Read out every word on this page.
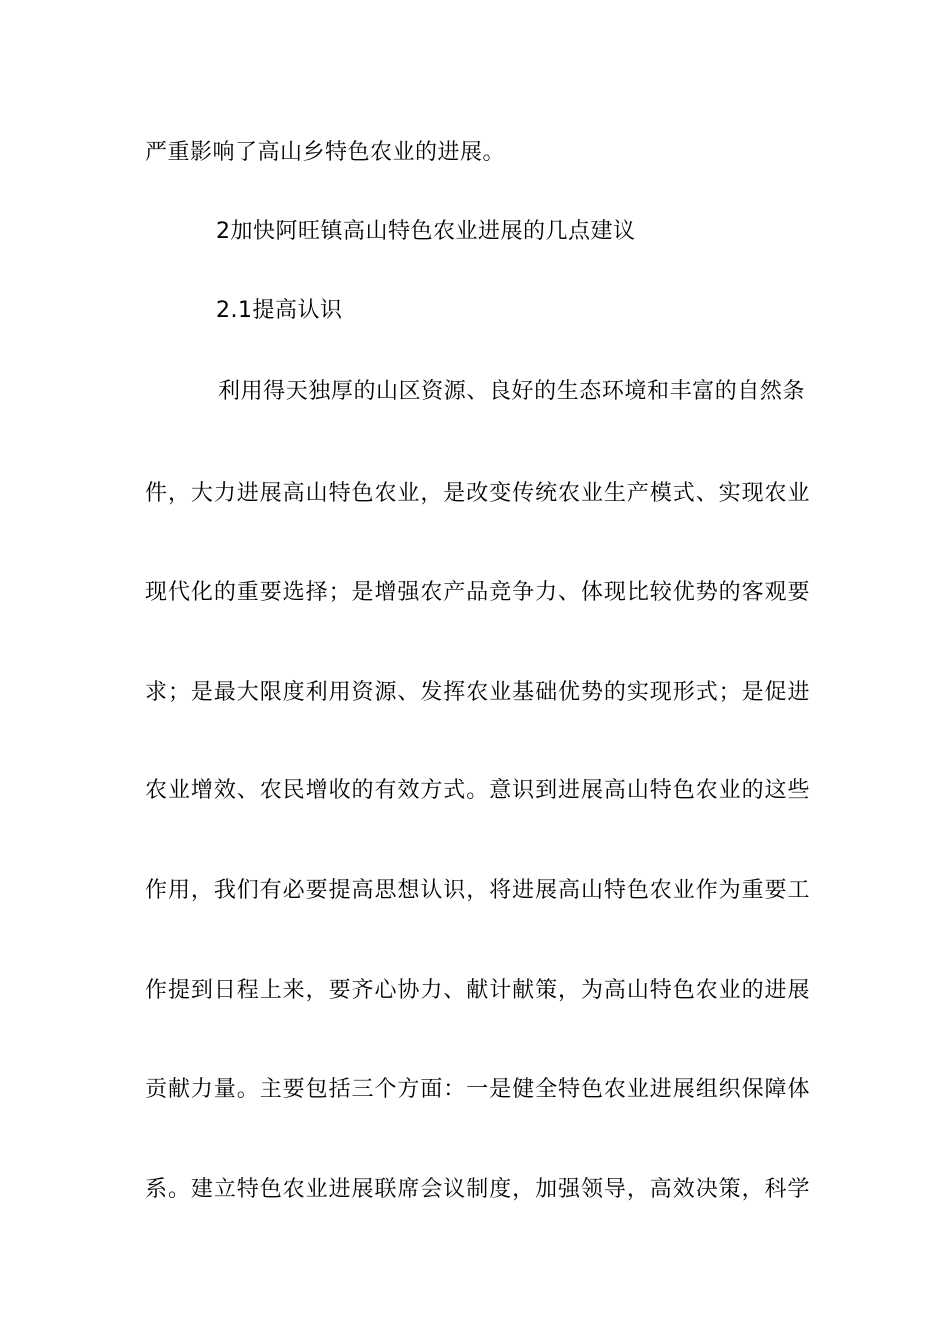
严重影响了高山乡特色农业的进展。
2加快阿旺镇高山特色农业进展的几点建议
2.1提高认识
利用得天独厚的山区资源、良好的生态环境和丰富的自然条
件，大力进展高山特色农业，是改变传统农业生产模式、实现农业
现代化的重要选择；是增强农产品竞争力、体现比较优势的客观要
求；是最大限度利用资源、发挥农业基础优势的实现形式；是促进
农业增效、农民增收的有效方式。意识到进展高山特色农业的这些
作用，我们有必要提高思想认识，将进展高山特色农业作为重要工
作提到日程上来，要齐心协力、献计献策，为高山特色农业的进展
贡献力量。主要包括三个方面：一是健全特色农业进展组织保障体
系。建立特色农业进展联席会议制度，加强领导，高效决策，科学
